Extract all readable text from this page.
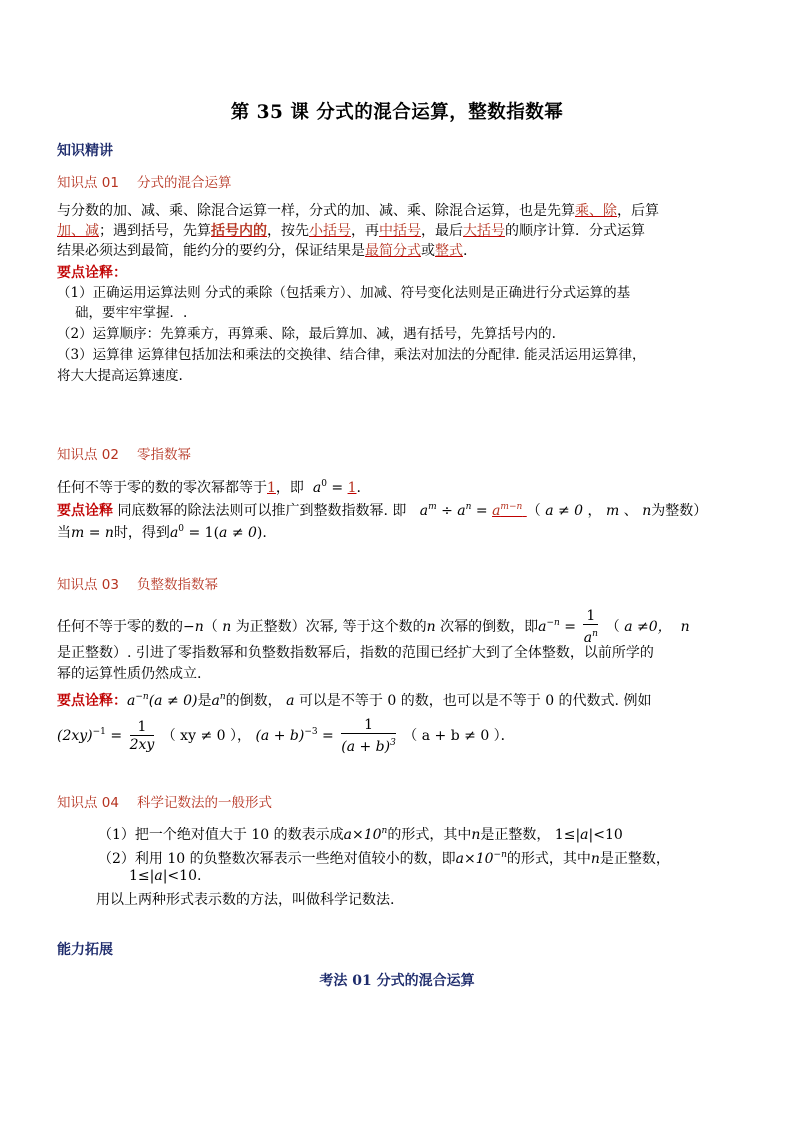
第 35 课 分式的混合运算，整数指数幂
知识精讲
知识点 01 分式的混合运算
与分数的加、减、乘、除混合运算一样，分式的加、减、乘、除混合运算，也是先算乘、除，后算
加、减；遇到括号，先算括号内的，按先小括号，再中括号，最后大括号的顺序计算．分式运算
结果必须达到最简，能约分的要约分，保证结果是最简分式或整式.
要点诠释：
（1）正确运用运算法则 分式的乘除（包括乘方）、加减、符号变化法则是正确进行分式运算的基
础，要牢牢掌握．.
（2）运算顺序：先算乘方，再算乘、除，最后算加、减，遇有括号，先算括号内的.
（3）运算律 运算律包括加法和乘法的交换律、结合律，乘法对加法的分配律. 能灵活运用运算律，
将大大提高运算速度.
知识点 02 零指数幂
任何不等于零的数的零次幂都等于1，即 $a^0 = 1$.
要点诠释 同底数幂的除法法则可以推广到整数指数幂. 即 $a^m \div a^n = a^{m-n}$ （ a ≠ 0 ， m 、 n为整数）
当m = n时，得到$a^0 = 1(a \ne 0)$.
知识点 03 负整数指数幂
任何不等于零的数的−n（ n 为正整数）次幂, 等于这个数的n 次幂的倒数，即$a^{-n} = \frac{1}{a^n}$ （ a ≠0， n
是正整数）. 引进了零指数幂和负整数指数幂后，指数的范围已经扩大到了全体整数，以前所学的
幂的运算性质仍然成立.
要点诠释：$a^{-n}(a \ne 0)$是$a^n$的倒数， a 可以是不等于 0 的数，也可以是不等于 0 的代数式. 例如
$(2xy)^{-1} = \frac{1}{2xy}$ （ xy ≠ 0 ）， $(a + b)^{-3} = \frac{1}{(a + b)^3}$ （ a + b ≠ 0 ）．
知识点 04 科学记数法的一般形式
（1）把一个绝对值大于 10 的数表示成$a\times 10^n$的形式，其中n是正整数， 1≤|a|<10
（2）利用 10 的负整数次幂表示一些绝对值较小的数，即$a\times 10^{-n}$的形式，其中n是正整数，
1≤|a|<10.
用以上两种形式表示数的方法，叫做科学记数法.
能力拓展
考法 01 分式的混合运算
